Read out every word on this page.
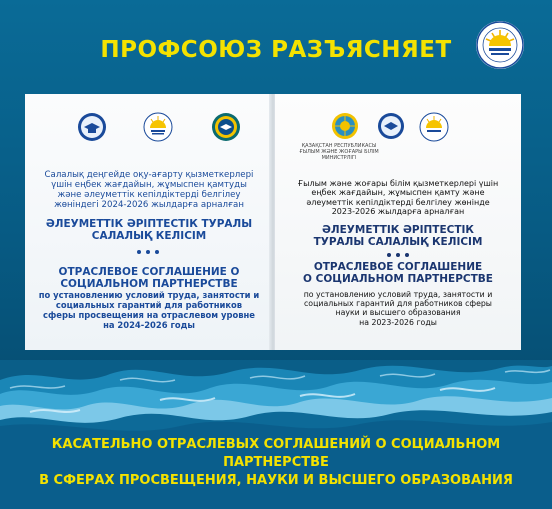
ПРОФСОЮЗ РАЗЪЯСНЯЕТ
Салалық деңгейде оқу-ағарту қызметкерлері
үшін еңбек жағдайын, жұмыспен қамтуды
және әлеуметтік кепілдіктерді белгілеу
жөніндегі 2024-2026 жылдарға арналған
ӘЛЕУМЕТТІК ӘРІПТЕСТІК ТУРАЛЫ
САЛАЛЫҚ КЕЛІСІМ
ОТРАСЛЕВОЕ СОГЛАШЕНИЕ О
СОЦИАЛЬНОМ ПАРТНЕРСТВЕ
по установлению условий труда, занятости и
социальных гарантий для работников
сферы просвещения на отраслевом уровне
на 2024-2026 годы
ҚАЗАҚСТАН РЕСПУБЛИКАСЫ
ҒЫЛЫМ ЖӘНЕ ЖОҒАРЫ БІЛІМ
МИНИСТРЛІГІ
Ғылым және жоғары білім қызметкерлері үшін
еңбек жағдайын, жұмыспен қамту және
әлеуметтік кепілдіктерді белгілеу жөнінде
2023-2026 жылдарға арналған
ӘЛЕУМЕТТІК ӘРІПТЕСТІК
ТУРАЛЫ САЛАЛЫҚ КЕЛІСІМ
ОТРАСЛЕВОЕ СОГЛАШЕНИЕ
О СОЦИАЛЬНОМ ПАРТНЕРСТВЕ
по установлению условий труда, занятости и
социальных гарантий для работников сферы
науки и высшего образования
на 2023-2026 годы
КАСАТЕЛЬНО ОТРАСЛЕВЫХ СОГЛАШЕНИЙ О СОЦИАЛЬНОМ ПАРТНЕРСТВЕ
В СФЕРАХ ПРОСВЕЩЕНИЯ, НАУКИ И ВЫСШЕГО ОБРАЗОВАНИЯ
